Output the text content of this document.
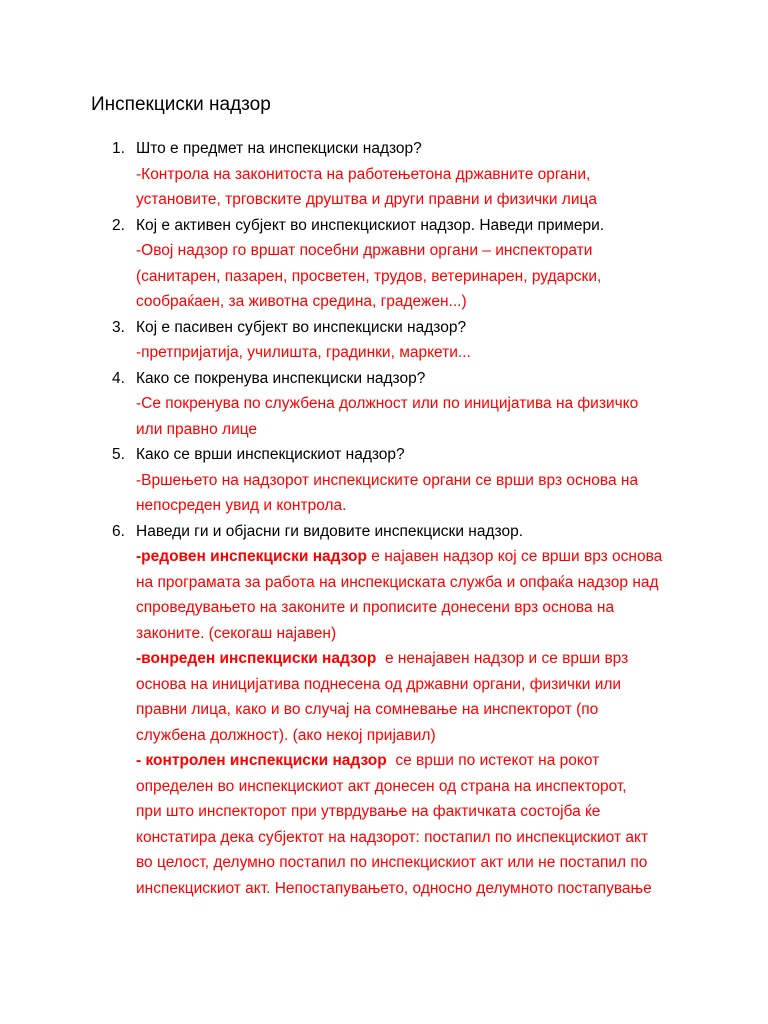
Инспекциски надзор
1. Што е предмет на инспекциски надзор?
-Контрола на законитоста на работењетона државните органи,
установите, трговските друштва и други правни и физички лица
2. Кој е активен субјект во инспекцискиот надзор. Наведи примери.
-Овој надзор го вршат посебни државни органи – инспекторати
(санитарен, пазарен, просветен, трудов, ветеринарен, рударски,
сообраќаен, за животна средина, градежен...)
3. Кој е пасивен субјект во инспекциски надзор?
-претпријатија, училишта, градинки, маркети...
4. Како се покренува инспекциски надзор?
-Се покренува по службена должност или по иницијатива на физичко
или правно лице
5. Како се врши инспекцискиот надзор?
-Вршењето на надзорот инспекциските органи се врши врз основа на
непосреден увид и контрола.
6. Наведи ги и објасни ги видовите инспекциски надзор.
-редовен инспекциски надзор е најавен надзор кој се врши врз основа
на програмата за работа на инспекциската служба и опфаќа надзор над
спроведувањето на законите и прописите донесени врз основа на
законите. (секогаш најавен)
-вонреден инспекциски надзор  е ненајавен надзор и се врши врз
основа на иницијатива поднесена од државни органи, физички или
правни лица, како и во случај на сомневање на инспекторот (по
службена должност). (ако некој пријавил)
- контролен инспекциски надзор  се врши по истекот на рокот
определен во инспекцискиот акт донесен од страна на инспекторот,
при што инспекторот при утврдување на фактичката состојба ќе
констатира дека субјектот на надзорот: постапил по инспекцискиот акт
во целост, делумно постапил по инспекцискиот акт или не постапил по
инспекцискиот акт. Непостапувањето, односно делумното постапување
